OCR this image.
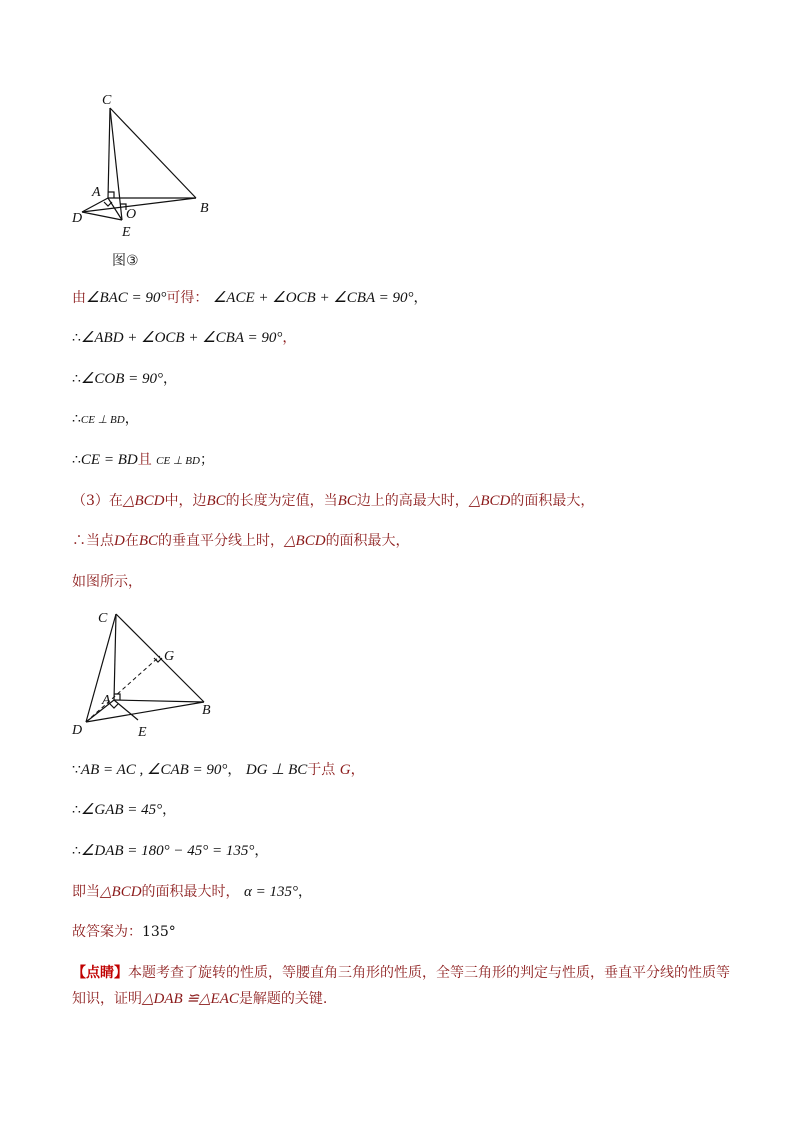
C
A
B
D	O
E
图③
由∠BAC = 90°可得： ∠ACE + ∠OCB + ∠CBA = 90°，
∴∠ABD + ∠OCB + ∠CBA = 90°，
∴∠COB = 90°，
∴CE ⊥ BD，
∴CE = BD且 CE ⊥ BD；
（3）在△BCD中，边BC的长度为定值，当BC边上的高最大时，△BCD的面积最大，
∴当点D在BC的垂直平分线上时，△BCD的面积最大，
如图所示，
C
G
A
B
D	E
∵AB = AC , ∠CAB = 90°， DG ⊥ BC于点 G，
∴∠GAB = 45°，
∴∠DAB = 180° − 45° = 135°，
即当△BCD的面积最大时， α = 135°，
故答案为：135°
【点睛】本题考查了旋转的性质，等腰直角三角形的性质，全等三角形的判定与性质，垂直平分线的性质等知识，证明△DAB ≌△EAC是解题的关键.
